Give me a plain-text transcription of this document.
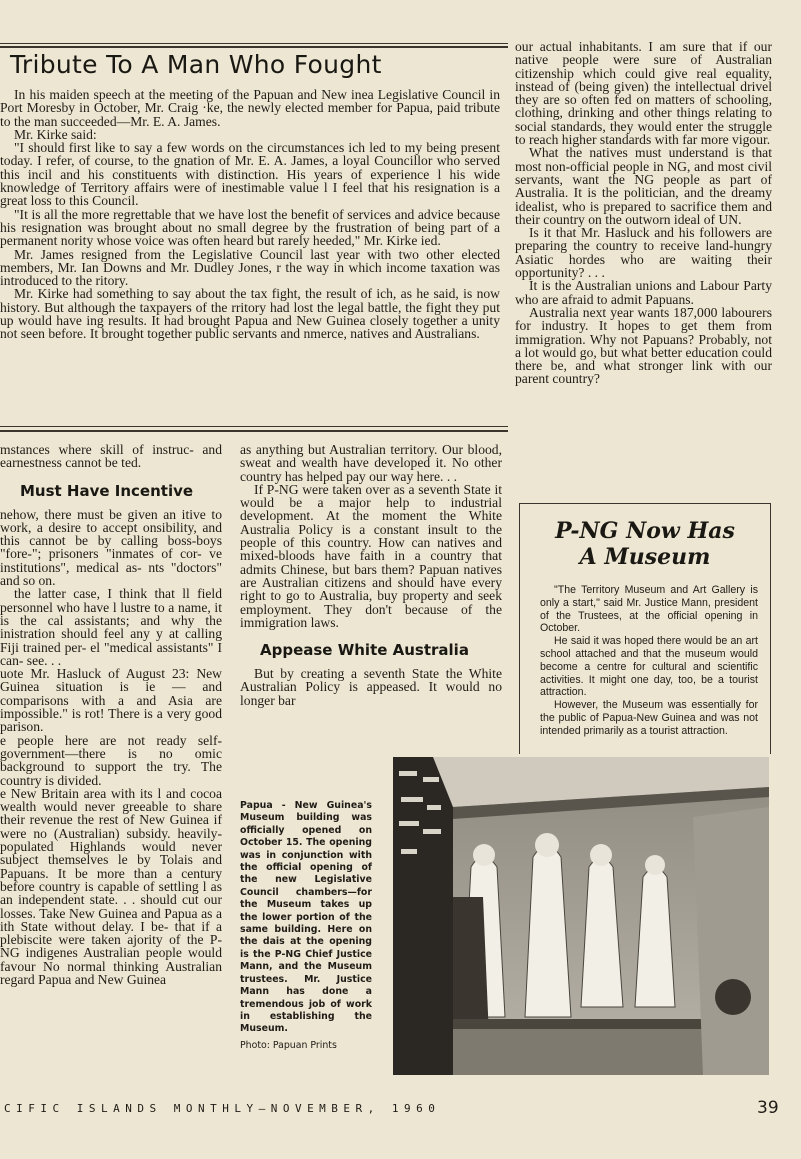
Tribute To A Man Who Fought

In his maiden speech at the meeting of the Papuan and New inea Legislative Council in Port Moresby in October, Mr. Craig ·ke, the newly elected member for Papua, paid tribute to the man succeeded—Mr. E. A. James.

Mr. Kirke said:

"I should first like to say a few words on the circumstances ich led to my being present today. I refer, of course, to the gnation of Mr. E. A. James, a loyal Councillor who served this incil and his constituents with distinction. His years of experience l his wide knowledge of Territory affairs were of inestimable value l I feel that his resignation is a great loss to this Council.

"It is all the more regrettable that we have lost the benefit of services and advice because his resignation was brought about no small degree by the frustration of being part of a permanent nority whose voice was often heard but rarely heeded," Mr. Kirke ied.

Mr. James resigned from the Legislative Council last year with two other elected members, Mr. Ian Downs and Mr. Dudley Jones, r the way in which income taxation was introduced to the ritory.

Mr. Kirke had something to say about the tax fight, the result of ich, as he said, is now history. But although the taxpayers of the rritory had lost the legal battle, the fight they put up would have ing results. It had brought Papua and New Guinea closely together a unity not seen before. It brought together public servants and nmerce, natives and Australians.

our actual inhabitants. I am sure that if our native people were sure of Australian citizenship which could give real equality, instead of (being given) the intellectual drivel they are so often fed on matters of schooling, clothing, drinking and other things relating to social standards, they would enter the struggle to reach higher standards with far more vigour.

What the natives must understand is that most non-official people in NG, and most civil servants, want the NG people as part of Australia. It is the politician, and the dreamy idealist, who is prepared to sacrifice them and their country on the outworn ideal of UN.

Is it that Mr. Hasluck and his followers are preparing the country to receive land-hungry Asiatic hordes who are waiting their opportunity? . . .

It is the Australian unions and Labour Party who are afraid to admit Papuans.

Australia next year wants 187,000 labourers for industry. It hopes to get them from immigration. Why not Papuans? Probably, not a lot would go, but what better education could there be, and what stronger link with our parent country?

mstances where skill of instruc- and earnestness cannot be ted.

Must Have Incentive

nehow, there must be given an itive to work, a desire to accept onsibility, and this cannot be by calling boss-boys "fore-"; prisoners "inmates of cor- ve institutions", medical as- nts "doctors" and so on.

the latter case, I think that ll field personnel who have l lustre to a name, it is the cal assistants; and why the inistration should feel any y at calling Fiji trained per- el "medical assistants" I can- see. . .

uote Mr. Hasluck of August 23: New Guinea situation is ie — and comparisons with a and Asia are impossible." is rot! There is a very good parison.

e people here are not ready self-government—there is no omic background to support the try. The country is divided.

e New Britain area with its l and cocoa wealth would never greeable to share their revenue the rest of New Guinea if were no (Australian) subsidy. heavily-populated Highlands would never subject themselves le by Tolais and Papuans. It be more than a century before country is capable of settling l as an independent state. . . should cut our losses. Take New Guinea and Papua as a ith State without delay. I be- that if a plebiscite were taken ajority of the P-NG indigenes Australian people would favour No normal thinking Australian regard Papua and New Guinea

as anything but Australian territory. Our blood, sweat and wealth have developed it. No other country has helped pay our way here. . .

If P-NG were taken over as a seventh State it would be a major help to industrial development. At the moment the White Australia Policy is a constant insult to the people of this country. How can natives and mixed-bloods have faith in a country that admits Chinese, but bars them? Papuan natives are Australian citizens and should have every right to go to Australia, buy property and seek employment. They don't because of the immigration laws.

Appease White Australia

But by creating a seventh State the White Australian Policy is appeased. It would no longer bar

P-NG Now Has
A Museum

"The Territory Museum and Art Gallery is only a start," said Mr. Justice Mann, president of the Trustees, at the official opening in October.

He said it was hoped there would be an art school attached and that the museum would become a centre for cultural and scientific activities. It might one day, too, be a tourist attraction.

However, the Museum was essentially for the public of Papua-New Guinea and was not intended primarily as a tourist attraction.

Papua - New Guinea's Museum building was officially opened on October 15. The opening was in conjunction with the official opening of the new Legislative Council chambers—for the Museum takes up the lower portion of the same building. Here on the dais at the opening is the P-NG Chief Justice Mann, and the Museum trustees. Mr. Justice Mann has done a tremendous job of work in establishing the Museum.
Photo: Papuan Prints
CIFIC ISLANDS MONTHLY—NOVEMBER, 1960	39
